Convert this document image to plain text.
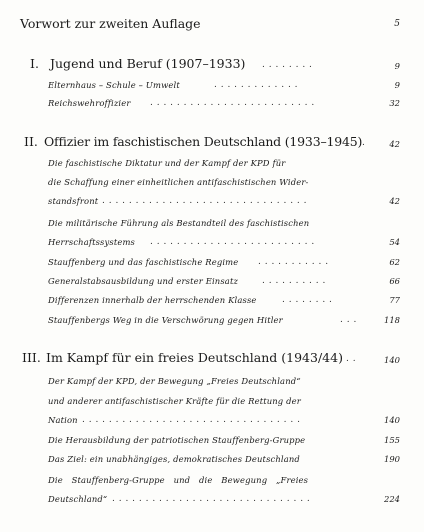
Vorwort zur zweiten Auflage	5
I. Jugend und Beruf (1907–1933) . . . . . . . .	9
Elternhaus – Schule – Umwelt	. . . . . . . . . . . . .	9
Reichswehroffizier . . . . . . . . . . . . . . . . . . . . . . . . .	32
II. Offizier im faschistischen Deutschland (1933–1945) .	42
Die faschistische Diktatur und der Kampf der KPD für
die Schaffung einer einheitlichen antifaschistischen Wider-
standsfront . . . . . . . . . . . . . . . . . . . . . . . . . . . . . . .	42
Die militärische Führung als Bestandteil des faschistischen
Herrschaftssystems . . . . . . . . . . . . . . . . . . . . . . . . .	54
Stauffenberg und das faschistische Regime . . . . . . . . . . .	62
Generalstabsausbildung und erster Einsatz	. . . . . . . . . .	66
Differenzen innerhalb der herrschenden Klasse	. . . . . . . .	77
Stauffenbergs Weg in die Verschwörung gegen Hitler	. . .	118
III. Im Kampf für ein freies Deutschland (1943/44) . .	140
Der Kampf der KPD, der Bewegung „Freies Deutschland“
und anderer antifaschistischer Kräfte für die Rettung der
Nation . . . . . . . . . . . . . . . . . . . . . . . . . . . . . . . . .	140
Die Herausbildung der patriotischen Stauffenberg-Gruppe	155
Das Ziel: ein unabhängiges, demokratisches Deutschland	190
Die Stauffenberg-Gruppe und die Bewegung „Freies
Deutschland“ . . . . . . . . . . . . . . . . . . . . . . . . . . . . . .	224
